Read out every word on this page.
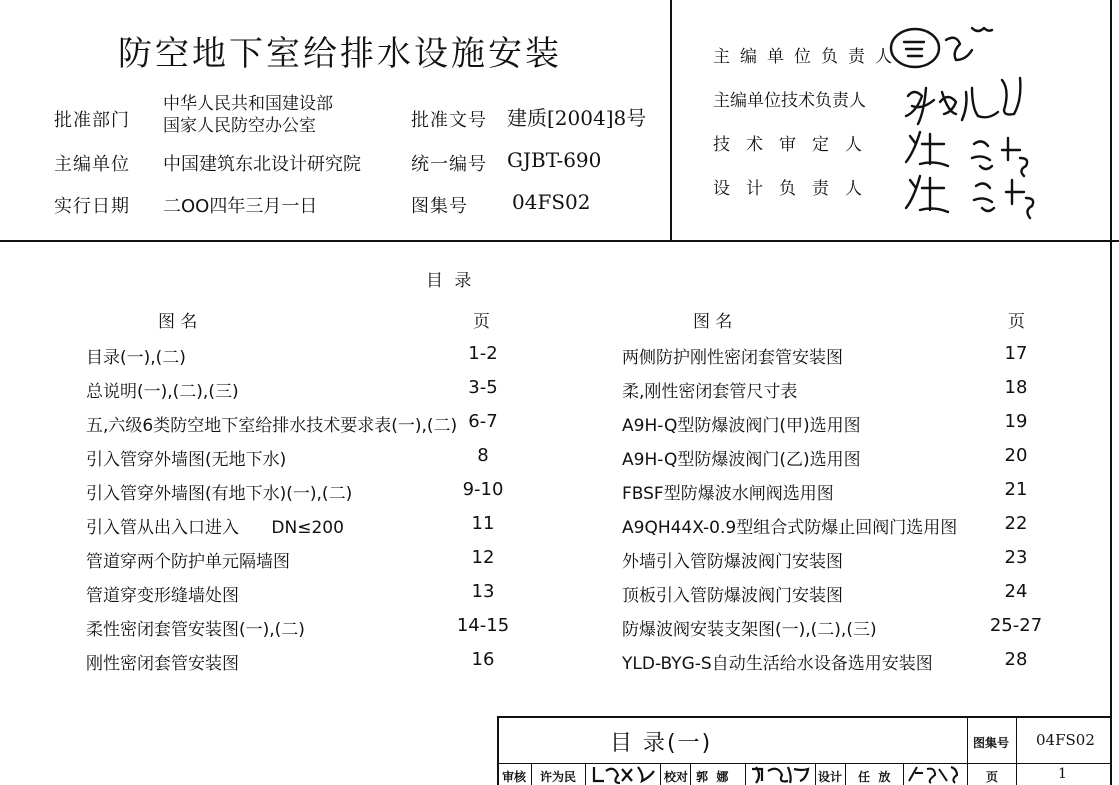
防空地下室给排水设施安装
批准部门
中华人民共和国建设部
国家人民防空办公室	批准文号 建质[2004]8号
主编单位 中国建筑东北设计研究院	统一编号 GJBT-690
实行日期 二OO四年三月一日	图集号 04FS02
主编单位负责人
主编单位技术负责人
技术审定人
设计负责人
目 录
图 名	页	图 名	页
目录(一),(二)	1-2
总说明(一),(二),(三)	3-5
五,六级6类防空地下室给排水技术要求表(一),(二) 6-7
引入管穿外墙图(无地下水)	8
引入管穿外墙图(有地下水)(一),(二)	9-10
引入管从出入口进入      DN≤200	11
管道穿两个防护单元隔墙图	12
管道穿变形缝墙处图	13
柔性密闭套管安装图(一),(二)	14-15
刚性密闭套管安装图	16
两侧防护刚性密闭套管安装图	17
柔,刚性密闭套管尺寸表	18
A9H-Q型防爆波阀门(甲)选用图	19
A9H-Q型防爆波阀门(乙)选用图	20
FBSF型防爆波水闸阀选用图	21
A9QH44X-0.9型组合式防爆止回阀门选用图	22
外墙引入管防爆波阀门安装图	23
顶板引入管防爆波阀门安装图	24
防爆波阀安装支架图(一),(二),(三)	25-27
YLD-BYG-S自动生活给水设备选用安装图	28
目 录(一)	图集号 04FS02
审核 许为民	校对 郭  娜	设计 任  放	页	1
